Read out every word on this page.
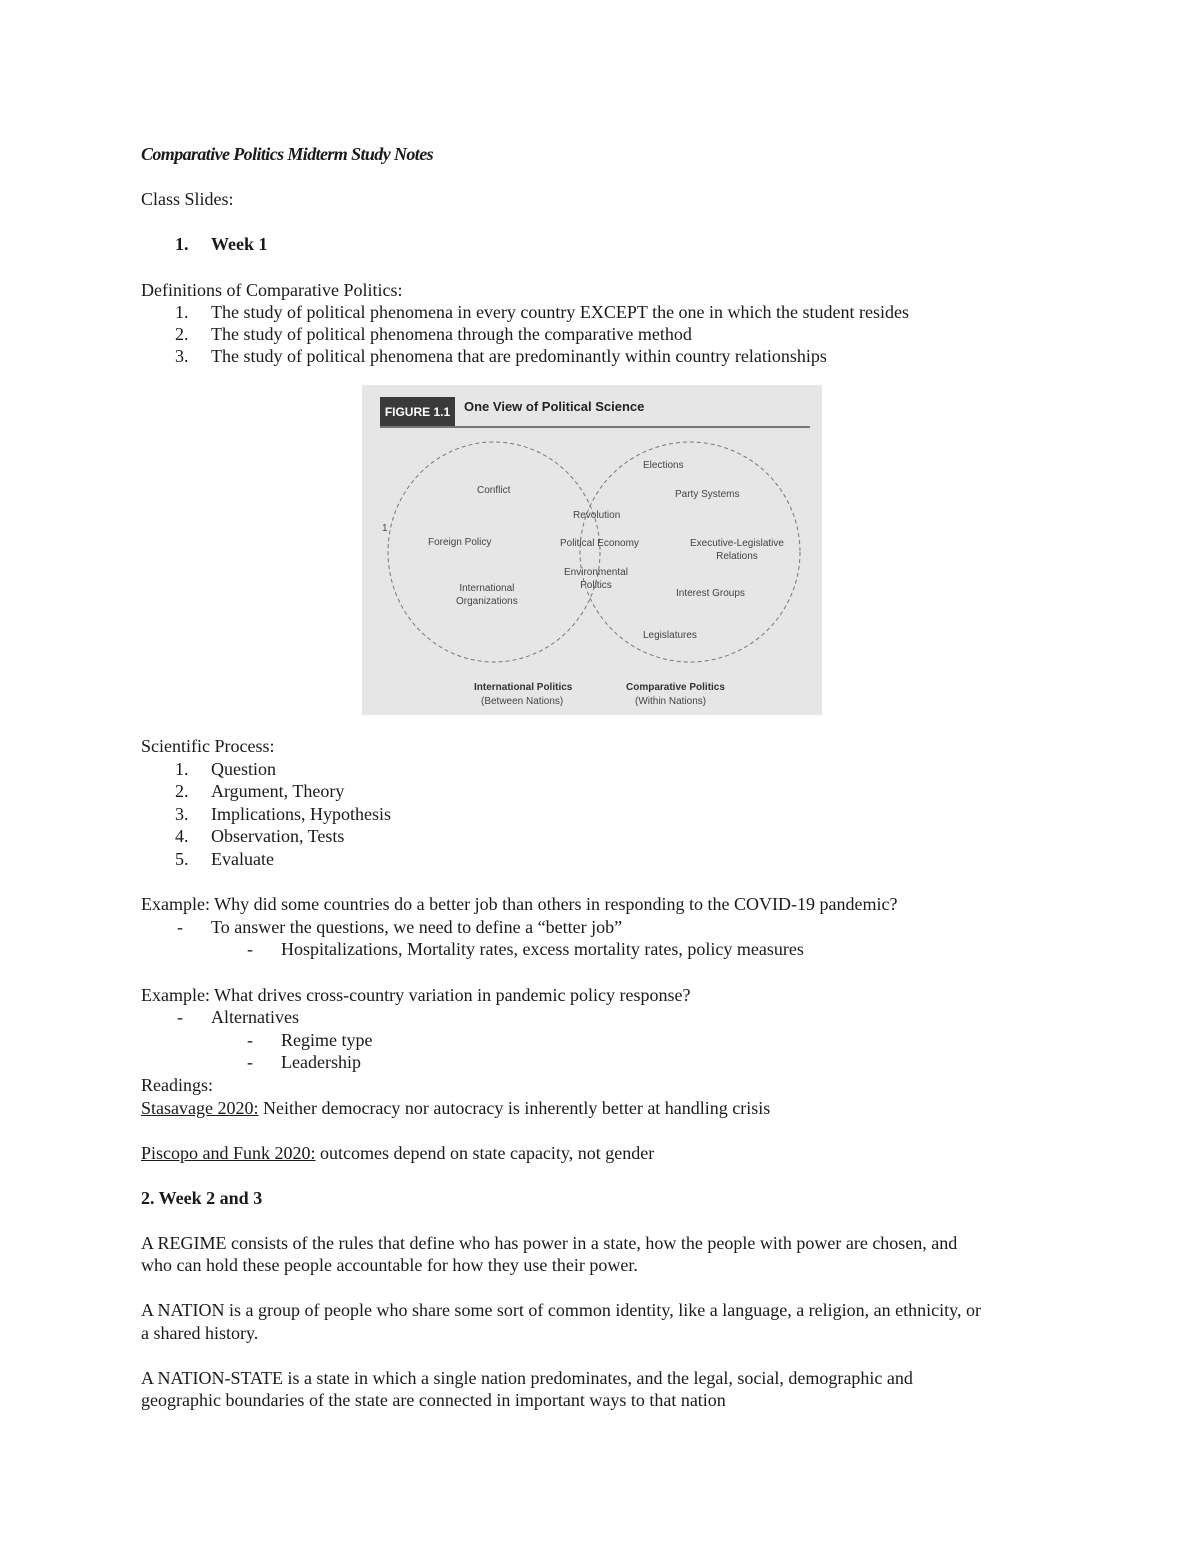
Comparative Politics Midterm Study Notes
Class Slides:
1. Week 1
Definitions of Comparative Politics:
1. The study of political phenomena in every country EXCEPT the one in which the student resides
2. The study of political phenomena through the comparative method
3. The study of political phenomena that are predominantly within country relationships
FIGURE 1.1	One View of Political Science
1
Conflict
Foreign Policy
International
Organizations
Revolution
Political Economy
Environmental
Politics
Elections
Party Systems
Executive-Legislative
Relations
Interest Groups
Legislatures
International Politics
(Between Nations)
Comparative Politics
(Within Nations)
Scientific Process:
1. Question
2. Argument, Theory
3. Implications, Hypothesis
4. Observation, Tests
5. Evaluate
Example: Why did some countries do a better job than others in responding to the COVID-19 pandemic?
- To answer the questions, we need to define a “better job”
- Hospitalizations, Mortality rates, excess mortality rates, policy measures
Example: What drives cross-country variation in pandemic policy response?
- Alternatives
- Regime type
- Leadership
Readings:
Stasavage 2020: Neither democracy nor autocracy is inherently better at handling crisis
Piscopo and Funk 2020: outcomes depend on state capacity, not gender
2. Week 2 and 3
A REGIME consists of the rules that define who has power in a state, how the people with power are chosen, and
who can hold these people accountable for how they use their power.
A NATION is a group of people who share some sort of common identity, like a language, a religion, an ethnicity, or
a shared history.
A NATION-STATE is a state in which a single nation predominates, and the legal, social, demographic and
geographic boundaries of the state are connected in important ways to that nation
